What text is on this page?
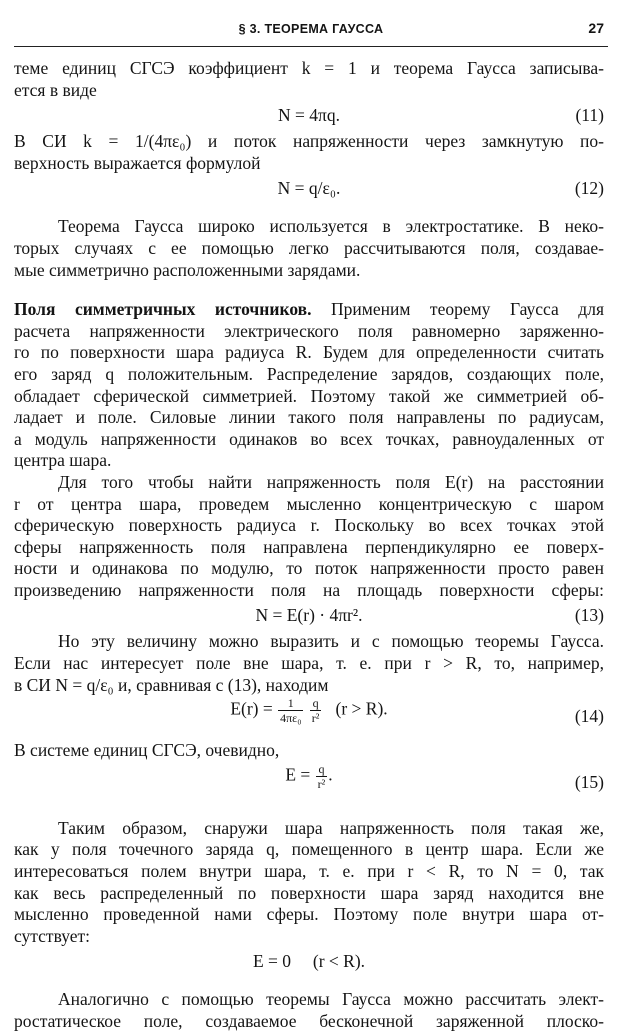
§ 3. ТЕОРЕМА ГАУССА	27
теме единиц СГСЭ коэффициент k = 1 и теорема Гаусса записыва-
ется в виде
N = 4πq.	(11)
В СИ k = 1/(4πε₀) и поток напряженности через замкнутую по-
верхность выражается формулой
N = q/ε₀.	(12)
Теорема Гаусса широко используется в электростатике. В неко-
торых случаях с ее помощью легко рассчитываются поля, создавае-
мые симметрично расположенными зарядами.
Поля симметричных источников. Применим теорему Гаусса для
расчета напряженности электрического поля равномерно заряженно-
го по поверхности шара радиуса R. Будем для определенности считать
его заряд q положительным. Распределение зарядов, создающих поле,
обладает сферической симметрией. Поэтому такой же симметрией об-
ладает и поле. Силовые линии такого поля направлены по радиусам,
а модуль напряженности одинаков во всех точках, равноудаленных от
центра шара.
Для того чтобы найти напряженность поля E(r) на расстоянии
r от центра шара, проведем мысленно концентрическую с шаром
сферическую поверхность радиуса r. Поскольку во всех точках этой
сферы напряженность поля направлена перпендикулярно ее поверх-
ности и одинакова по модулю, то поток напряженности просто равен
произведению напряженности поля на площадь поверхности сферы:
N = E(r) · 4πr².	(13)
Но эту величину можно выразить и с помощью теоремы Гаусса.
Если нас интересует поле вне шара, т. е. при r > R, то, например,
в СИ N = q/ε₀ и, сравнивая с (13), находим
$E(r) = \frac{1}{\text{4πε₀}}$
$\frac{q}{\text{r²}} (r > R)$.	(14)
В системе единиц СГСЭ, очевидно,
$E = \frac{q}{\text{r²}}$ .	(15)
Таким образом, снаружи шара напряженность поля такая же,
как у поля точечного заряда q, помещенного в центр шара. Если же
интересоваться полем внутри шара, т. е. при r < R, то N = 0, так
как весь распределенный по поверхности шара заряд находится вне
мысленно проведенной нами сферы. Поэтому поле внутри шара от-
сутствует:
E = 0     (r < R).
Аналогично с помощью теоремы Гаусса можно рассчитать элект-
ростатическое поле, создаваемое бесконечной заряженной плоско-
